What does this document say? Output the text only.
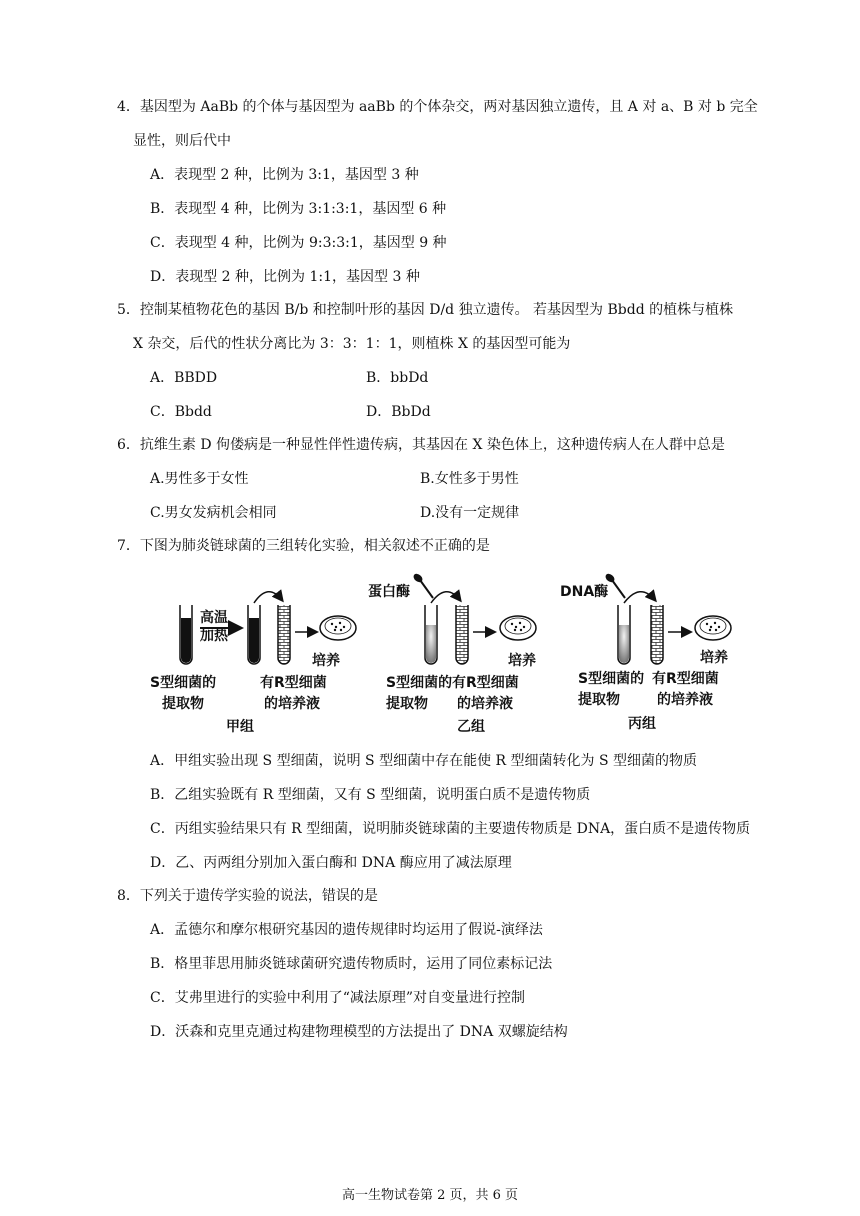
4．基因型为 AaBb 的个体与基因型为 aaBb 的个体杂交，两对基因独立遗传，且 A 对 a、B 对 b 完全
显性，则后代中
A．表现型 2 种，比例为 3:1，基因型 3 种
B．表现型 4 种，比例为 3:1:3:1，基因型 6 种
C．表现型 4 种，比例为 9:3:3:1，基因型 9 种
D．表现型 2 种，比例为 1:1，基因型 3 种
5．控制某植物花色的基因 B/b 和控制叶形的基因 D/d 独立遗传。 若基因型为 Bbdd 的植株与植株
X 杂交，后代的性状分离比为 3：3：1：1，则植株 X 的基因型可能为
A．BBDD	B．bbDd
C．Bbdd	D．BbDd
6．抗维生素 D 佝偻病是一种显性伴性遗传病，其基因在 X 染色体上，这种遗传病人在人群中总是
A.男性多于女性	B.女性多于男性
C.男女发病机会相同	D.没有一定规律
7．下图为肺炎链球菌的三组转化实验，相关叙述不正确的是
高温
加热
培养
S型细菌的
提取物
有R型细菌
的培养液
甲组
蛋白酶
培养
S型细菌的
提取物
有R型细菌
的培养液
乙组
DNA酶
培养
S型细菌的
提取物
有R型细菌
的培养液
丙组
A．甲组实验出现 S 型细菌，说明 S 型细菌中存在能使 R 型细菌转化为 S 型细菌的物质
B．乙组实验既有 R 型细菌，又有 S 型细菌，说明蛋白质不是遗传物质
C．丙组实验结果只有 R 型细菌，说明肺炎链球菌的主要遗传物质是 DNA，蛋白质不是遗传物质
D．乙、丙两组分别加入蛋白酶和 DNA 酶应用了减法原理
8．下列关于遗传学实验的说法，错误的是
A．孟德尔和摩尔根研究基因的遗传规律时均运用了假说-演绎法
B．格里菲思用肺炎链球菌研究遗传物质时，运用了同位素标记法
C．艾弗里进行的实验中利用了“减法原理”对自变量进行控制
D．沃森和克里克通过构建物理模型的方法提出了 DNA 双螺旋结构
高一生物试卷第 2 页，共 6 页
